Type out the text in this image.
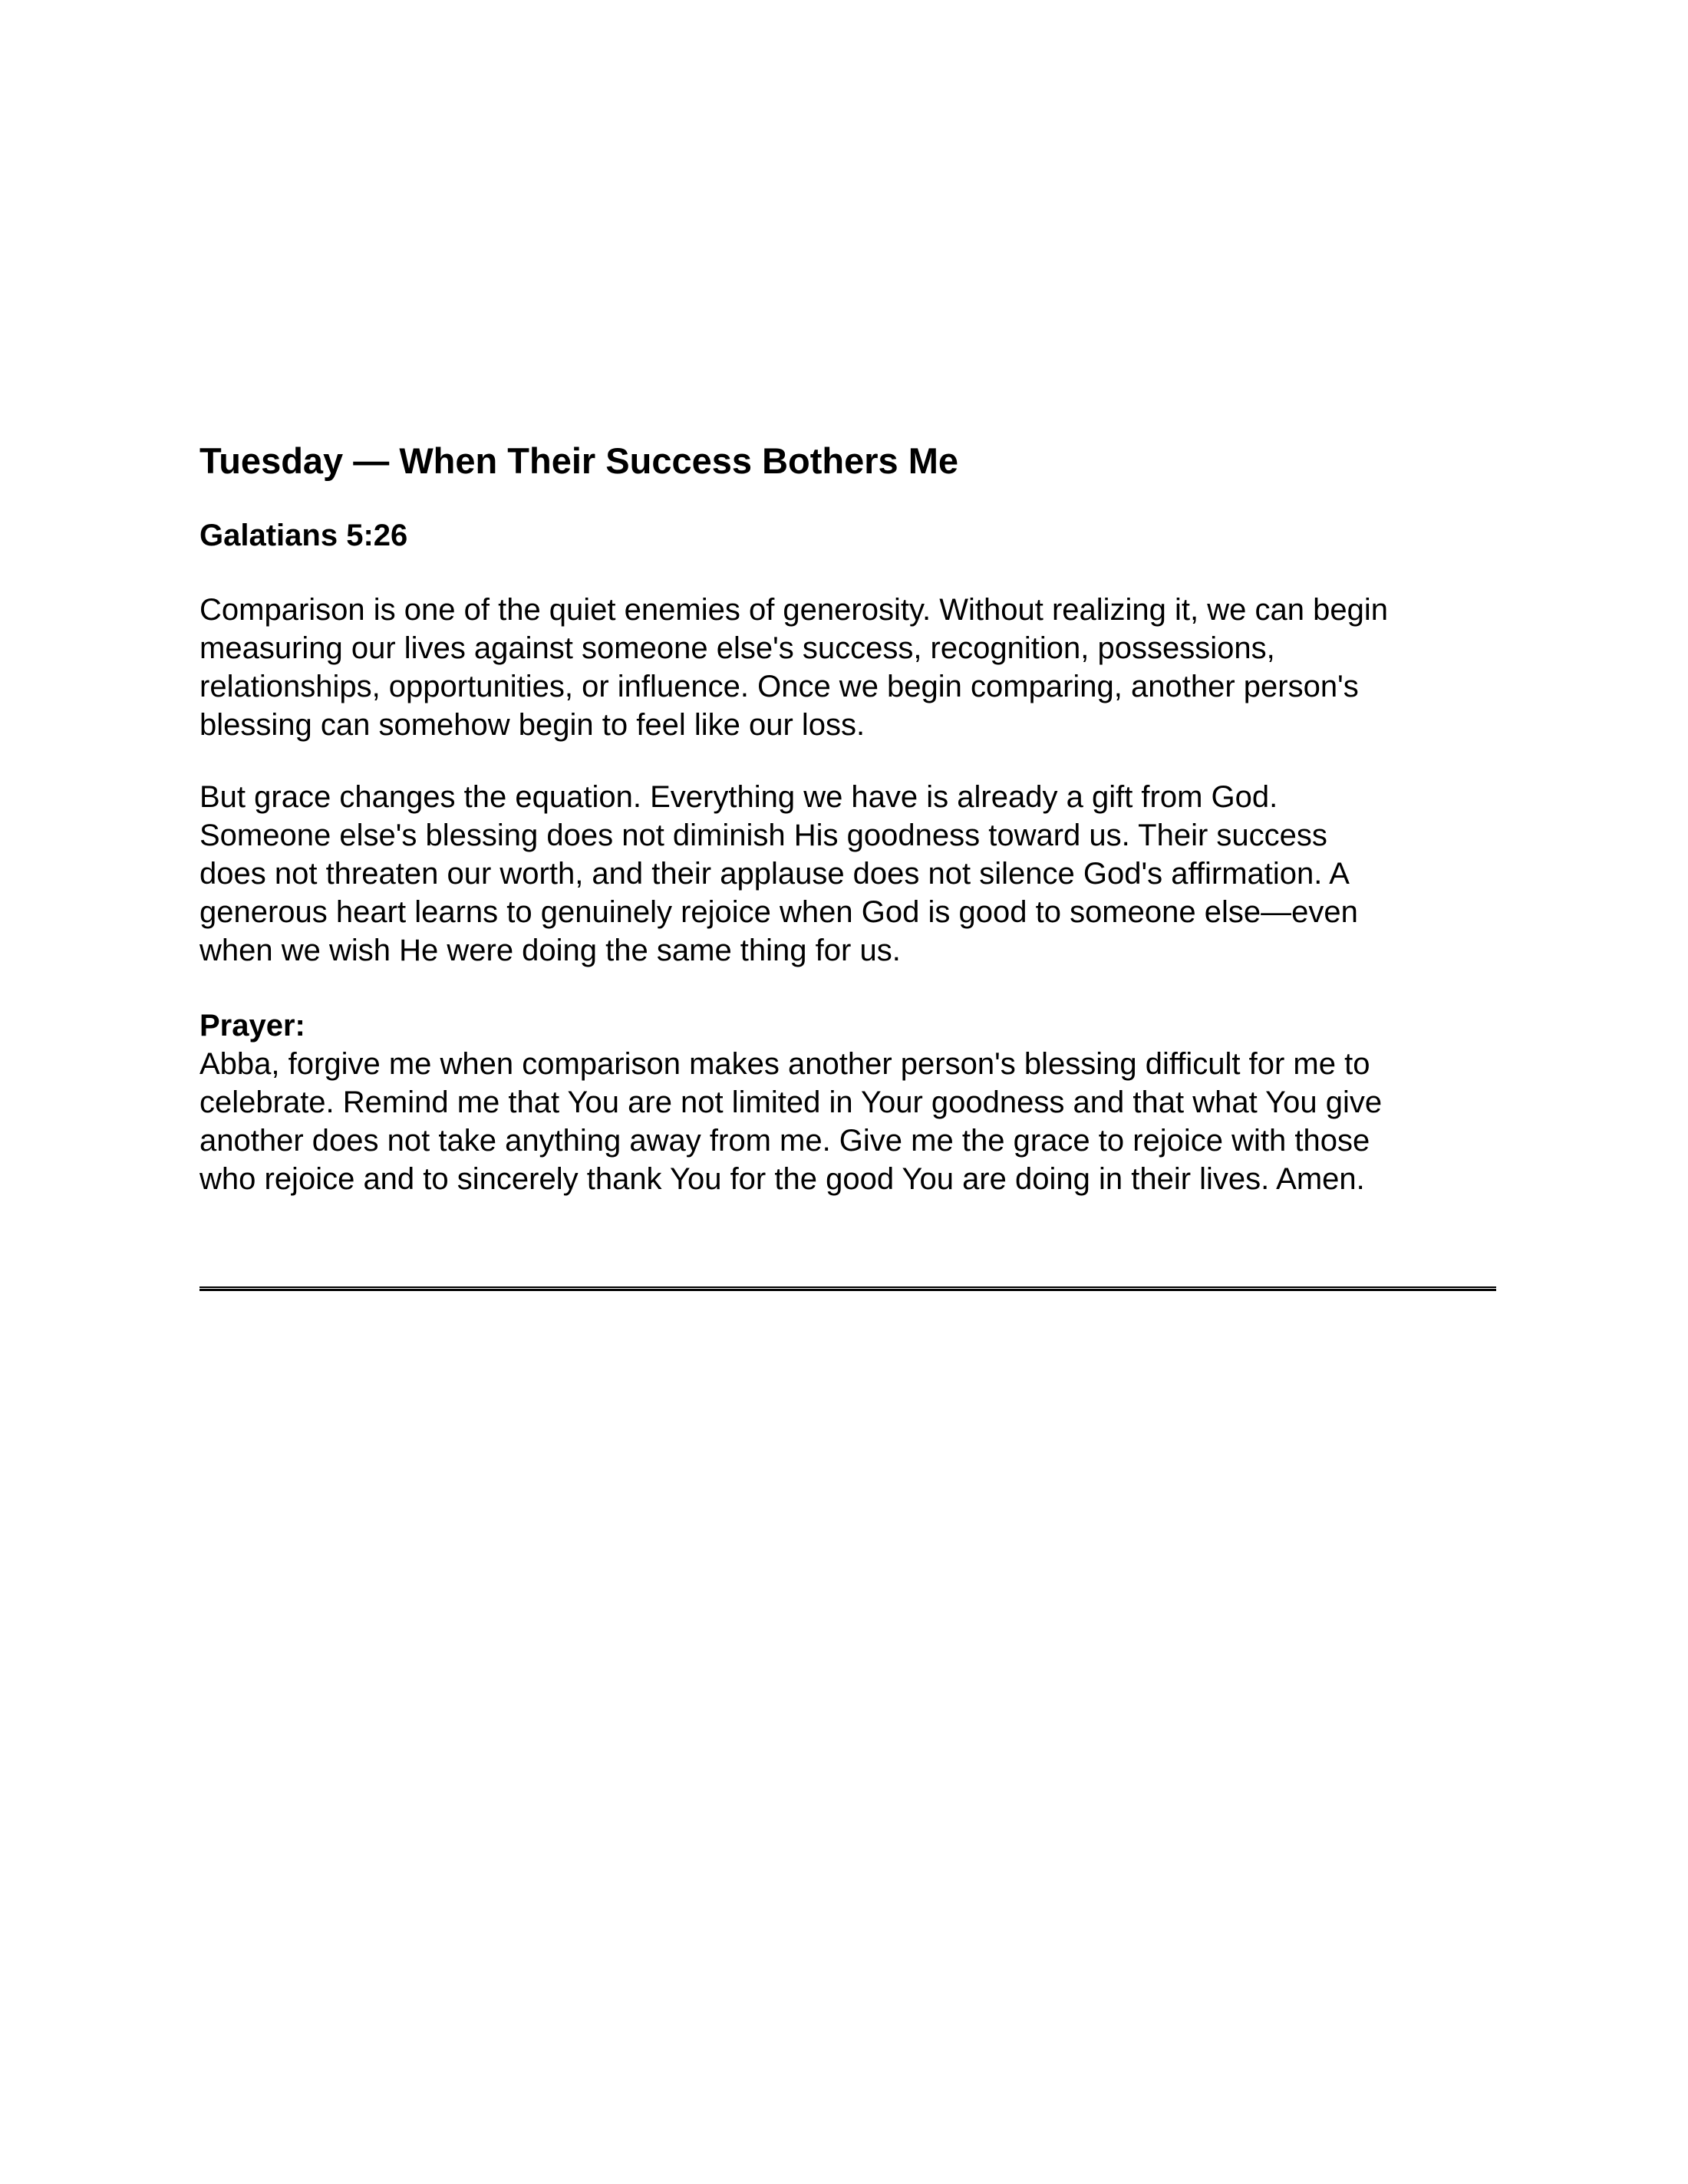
Tuesday — When Their Success Bothers Me
Galatians 5:26

Comparison is one of the quiet enemies of generosity. Without realizing it, we can begin
measuring our lives against someone else's success, recognition, possessions,
relationships, opportunities, or influence. Once we begin comparing, another person's
blessing can somehow begin to feel like our loss.

But grace changes the equation. Everything we have is already a gift from God.
Someone else's blessing does not diminish His goodness toward us. Their success
does not threaten our worth, and their applause does not silence God's affirmation. A
generous heart learns to genuinely rejoice when God is good to someone else—even
when we wish He were doing the same thing for us.

Prayer:

Abba, forgive me when comparison makes another person's blessing difficult for me to
celebrate. Remind me that You are not limited in Your goodness and that what You give
another does not take anything away from me. Give me the grace to rejoice with those
who rejoice and to sincerely thank You for the good You are doing in their lives. Amen.
